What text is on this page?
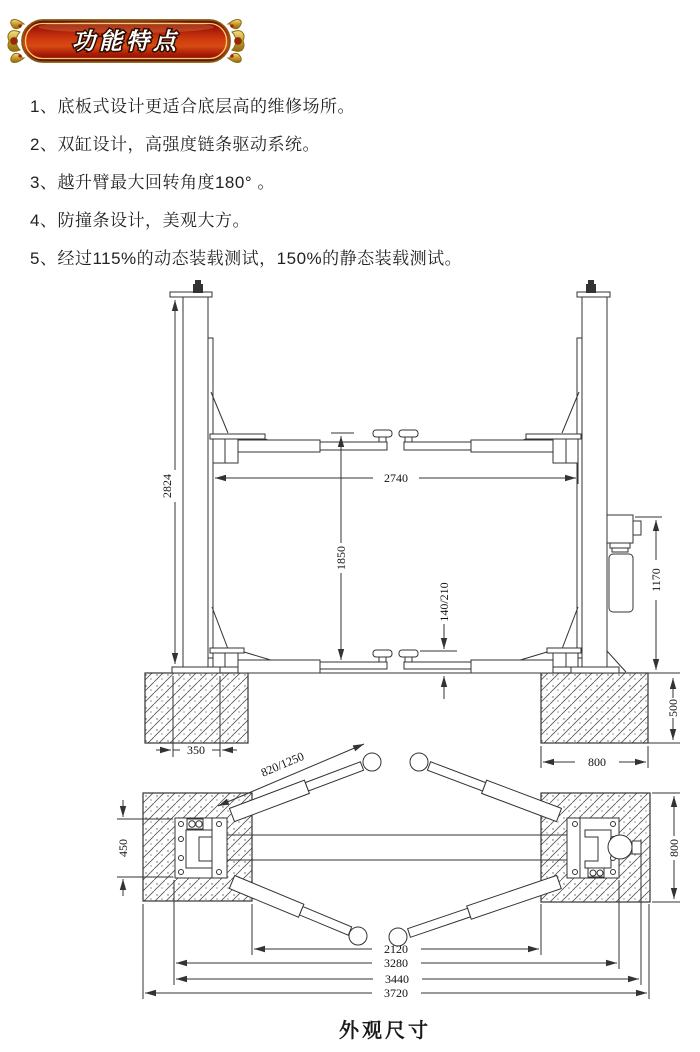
功能特点
1、底板式设计更适合底层高的维修场所。
2、双缸设计，高强度链条驱动系统。
3、越升臂最大回转角度180° 。
4、防撞条设计，美观大方。
5、经过115%的动态装载测试，150%的静态装载测试。
2824	2740
1850
140/210
1170
500
800
350
450	800
820/1250
2120
3280
3440
3720
外观尺寸
